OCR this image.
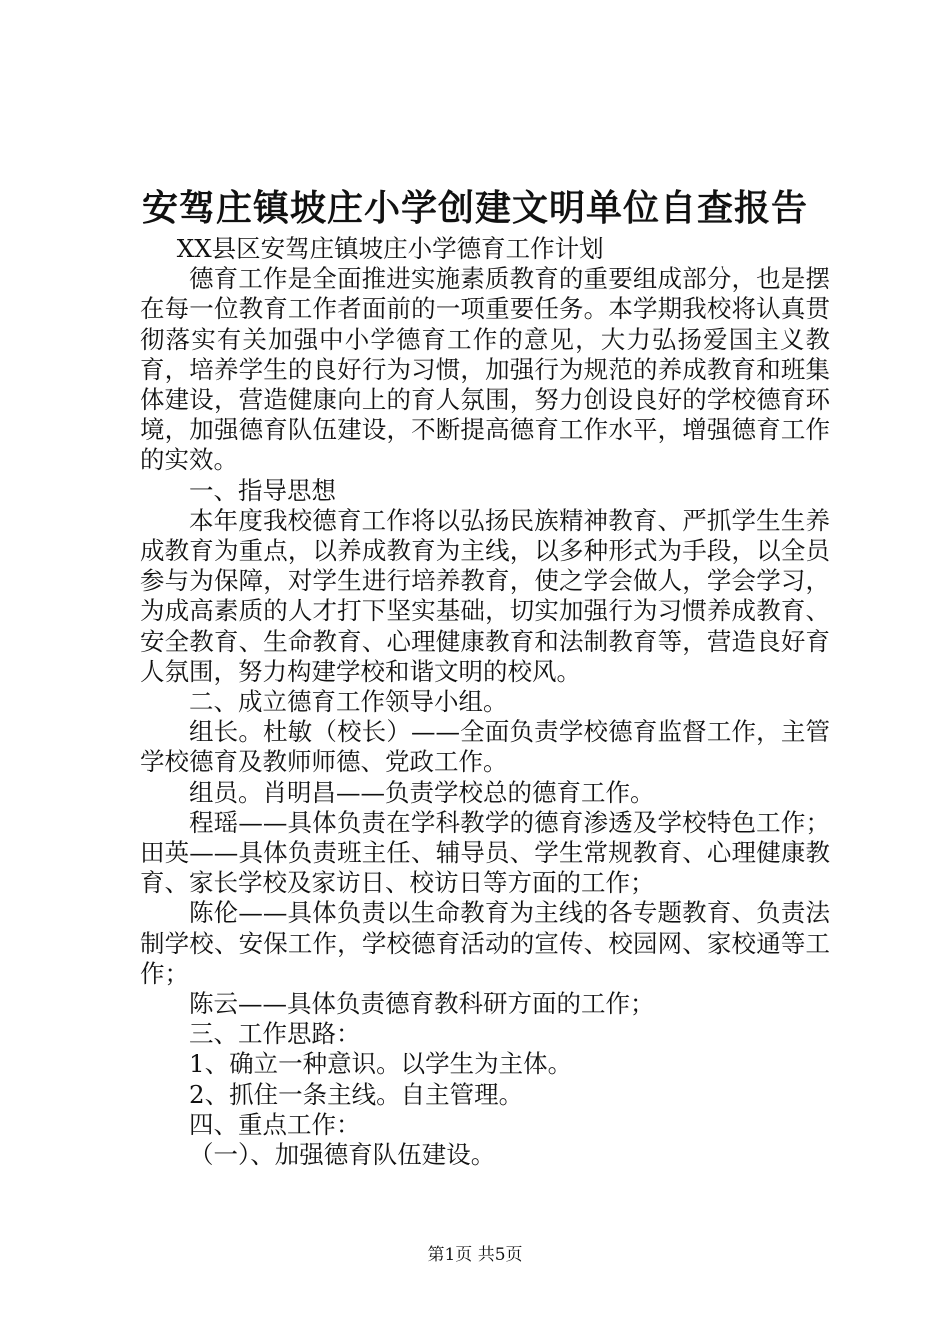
安驾庄镇坡庄小学创建文明单位自查报告

XX县区安驾庄镇坡庄小学德育工作计划

德育工作是全面推进实施素质教育的重要组成部分，也是摆在每一位教育工作者面前的一项重要任务。本学期我校将认真贯彻落实有关加强中小学德育工作的意见，大力弘扬爱国主义教育，培养学生的良好行为习惯，加强行为规范的养成教育和班集体建设，营造健康向上的育人氛围，努力创设良好的学校德育环境，加强德育队伍建设，不断提高德育工作水平，增强德育工作的实效。

一、指导思想

本年度我校德育工作将以弘扬民族精神教育、严抓学生生养成教育为重点，以养成教育为主线，以多种形式为手段，以全员参与为保障，对学生进行培养教育，使之学会做人，学会学习，为成高素质的人才打下坚实基础，切实加强行为习惯养成教育、安全教育、生命教育、心理健康教育和法制教育等，营造良好育人氛围，努力构建学校和谐文明的校风。

二、成立德育工作领导小组。

组长。杜敏（校长）——全面负责学校德育监督工作，主管学校德育及教师师德、党政工作。

组员。肖明昌——负责学校总的德育工作。

程瑶——具体负责在学科教学的德育渗透及学校特色工作；田英——具体负责班主任、辅导员、学生常规教育、心理健康教育、家长学校及家访日、校访日等方面的工作；

陈伦——具体负责以生命教育为主线的各专题教育、负责法制学校、安保工作，学校德育活动的宣传、校园网、家校通等工作；

陈云——具体负责德育教科研方面的工作；

三、工作思路：

1、确立一种意识。以学生为主体。

2、抓住一条主线。自主管理。

四、重点工作：

（一）、加强德育队伍建设。

第1页 共5页
